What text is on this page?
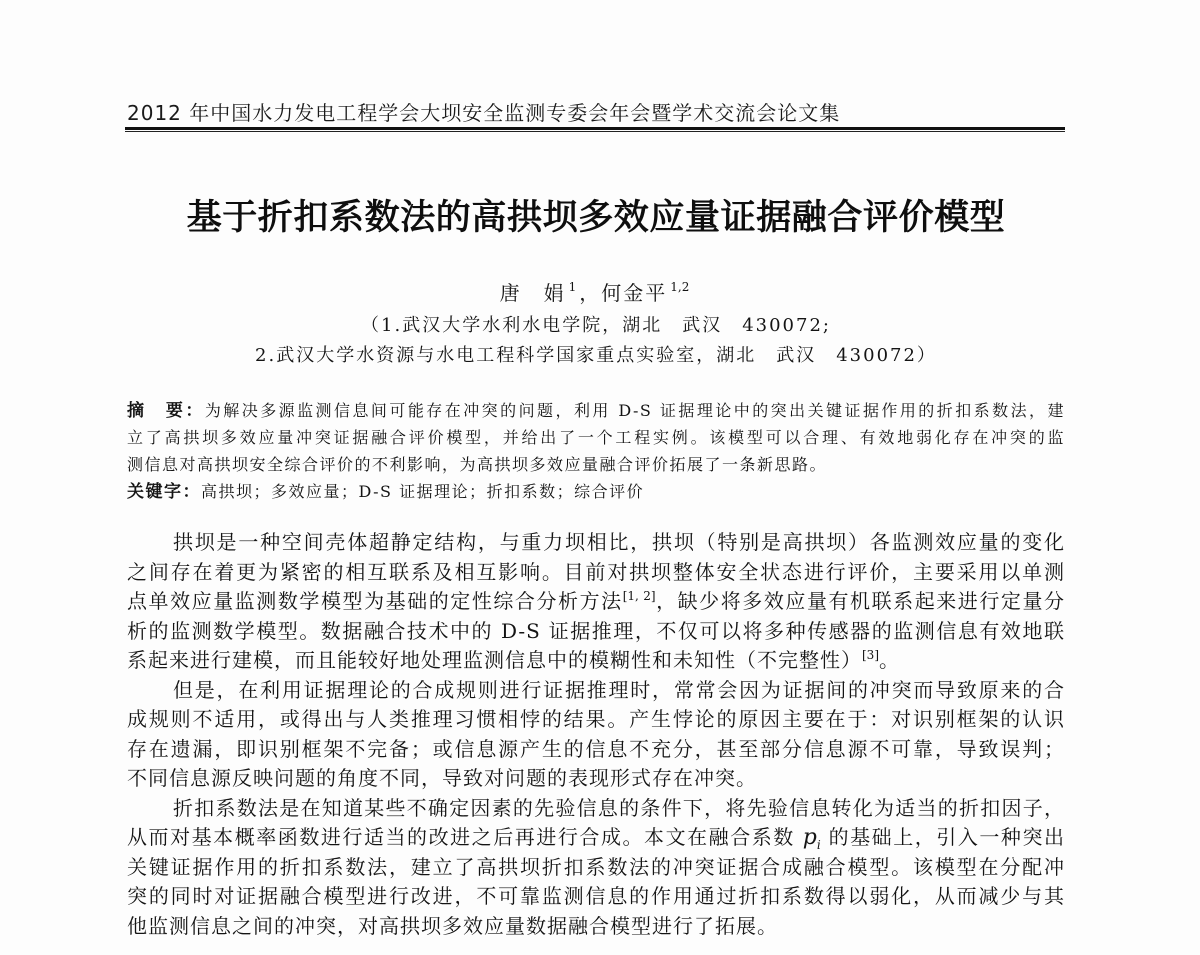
2012 年中国水力发电工程学会大坝安全监测专委会年会暨学术交流会论文集
基于折扣系数法的高拱坝多效应量证据融合评价模型
唐　娟 $^1$ ，何金平 $^{1,2}$
（1.武汉大学水利水电学院，湖北　武汉　430072;
2.武汉大学水资源与水电工程科学国家重点实验室，湖北　武汉　430072）
摘　要：为解决多源监测信息间可能存在冲突的问题，利用 D-S 证据理论中的突出关键证据作用的折扣系数法，建
立了高拱坝多效应量冲突证据融合评价模型，并给出了一个工程实例。该模型可以合理、有效地弱化存在冲突的监
测信息对高拱坝安全综合评价的不利影响，为高拱坝多效应量融合评价拓展了一条新思路。
关键字：高拱坝；多效应量；D-S 证据理论；折扣系数；综合评价
拱坝是一种空间壳体超静定结构，与重力坝相比，拱坝（特别是高拱坝）各监测效应量的变化
之间存在着更为紧密的相互联系及相互影响。目前对拱坝整体安全状态进行评价，主要采用以单测
点单效应量监测数学模型为基础的定性综合分析方法[1, 2]，缺少将多效应量有机联系起来进行定量分
析的监测数学模型。数据融合技术中的 D-S 证据推理，不仅可以将多种传感器的监测信息有效地联
系起来进行建模，而且能较好地处理监测信息中的模糊性和未知性（不完整性）[3]。
但是，在利用证据理论的合成规则进行证据推理时，常常会因为证据间的冲突而导致原来的合
成规则不适用，或得出与人类推理习惯相悖的结果。产生悖论的原因主要在于：对识别框架的认识
存在遗漏，即识别框架不完备；或信息源产生的信息不充分，甚至部分信息源不可靠，导致误判；
不同信息源反映问题的角度不同，导致对问题的表现形式存在冲突。
折扣系数法是在知道某些不确定因素的先验信息的条件下，将先验信息转化为适当的折扣因子，
从而对基本概率函数进行适当的改进之后再进行合成。本文在融合系数 $p_i$ 的基础上，引入一种突出
关键证据作用的折扣系数法，建立了高拱坝折扣系数法的冲突证据合成融合模型。该模型在分配冲
突的同时对证据融合模型进行改进，不可靠监测信息的作用通过折扣系数得以弱化，从而减少与其
他监测信息之间的冲突，对高拱坝多效应量数据融合模型进行了拓展。
